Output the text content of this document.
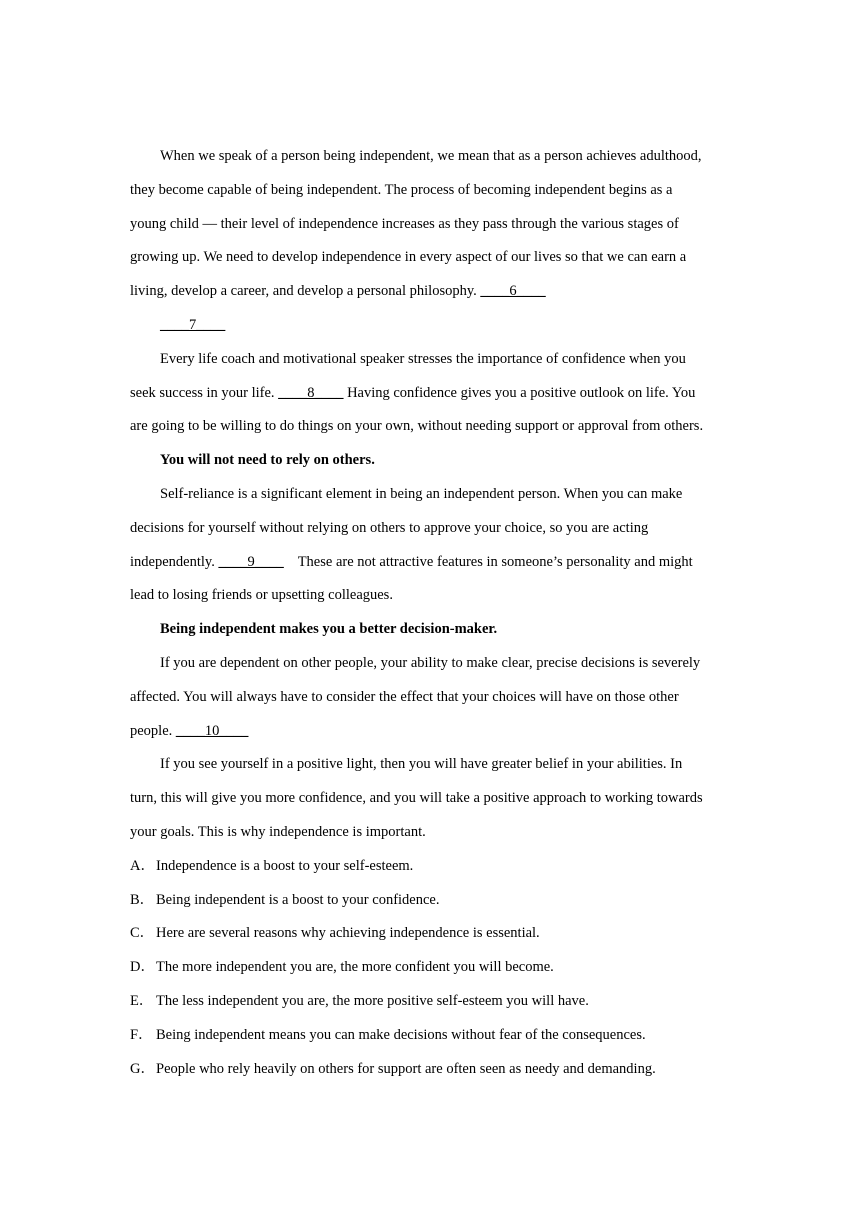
When we speak of a person being independent, we mean that as a person achieves adulthood,
they become capable of being independent. The process of becoming independent begins as a
young child — their level of independence increases as they pass through the various stages of
growing up. We need to develop independence in every aspect of our lives so that we can earn a
living, develop a career, and develop a personal philosophy. ____6____
____7____
Every life coach and motivational speaker stresses the importance of confidence when you
seek success in your life. ____8____ Having confidence gives you a positive outlook on life. You
are going to be willing to do things on your own, without needing support or approval from others.
You will not need to rely on others.
Self-reliance is a significant element in being an independent person. When you can make
decisions for yourself without relying on others to approve your choice, so you are acting
independently. ____9____ These are not attractive features in someone’s personality and might
lead to losing friends or upsetting colleagues.
Being independent makes you a better decision-maker.
If you are dependent on other people, your ability to make clear, precise decisions is severely
affected. You will always have to consider the effect that your choices will have on those other
people. ____10____
If you see yourself in a positive light, then you will have greater belief in your abilities. In
turn, this will give you more confidence, and you will take a positive approach to working towards
your goals. This is why independence is important.
A．Independence is a boost to your self-esteem.
B． Being independent is a boost to your confidence.
C． Here are several reasons why achieving independence is essential.
D．The more independent you are, the more confident you will become.
E． The less independent you are, the more positive self-esteem you will have.
F． Being independent means you can make decisions without fear of the consequences.
G．People who rely heavily on others for support are often seen as needy and demanding.
